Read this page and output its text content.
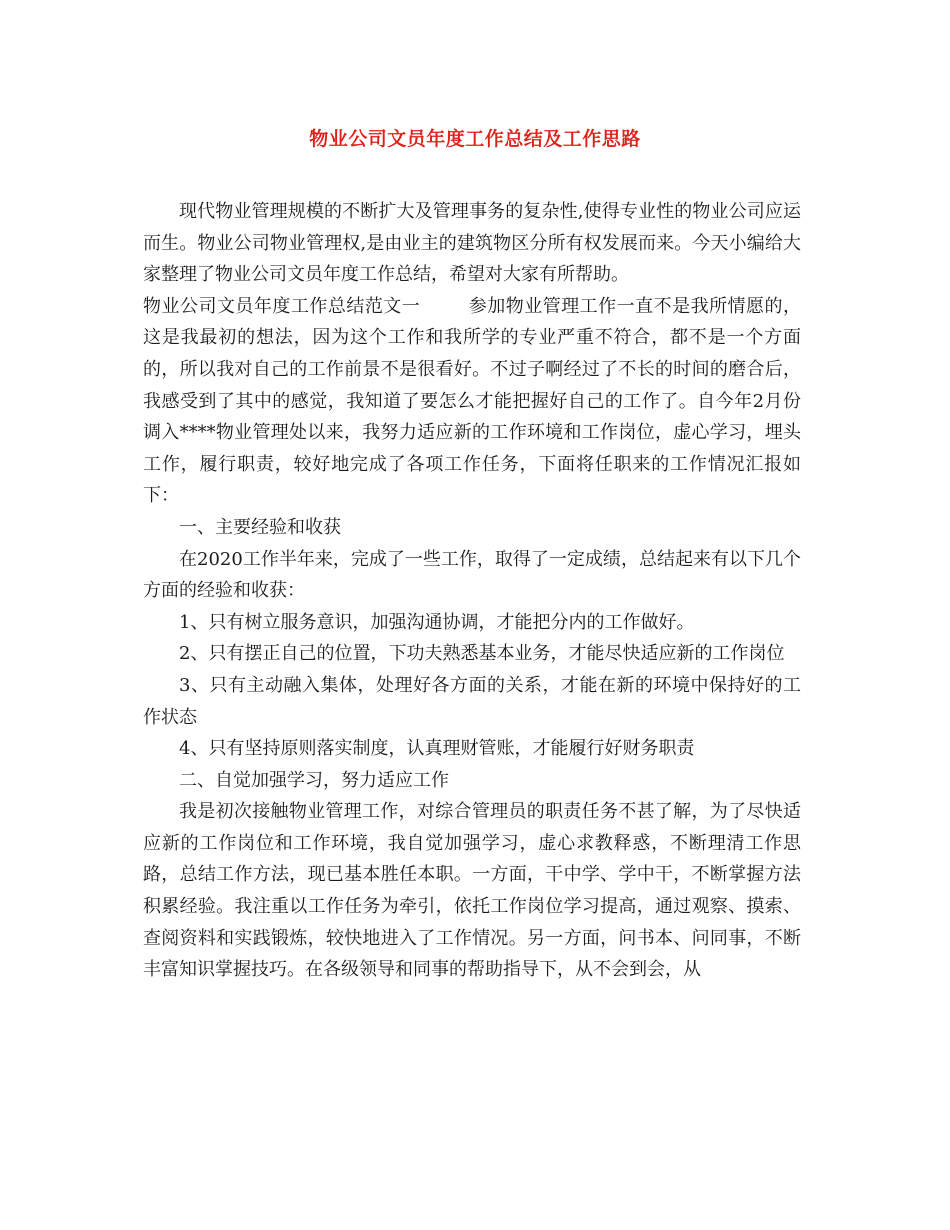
物业公司文员年度工作总结及工作思路

现代物业管理规模的不断扩大及管理事务的复杂性,使得专业性的物业公司应运而生。物业公司物业管理权,是由业主的建筑物区分所有权发展而来。今天小编给大家整理了物业公司文员年度工作总结，希望对大家有所帮助。

物业公司文员年度工作总结范文一	参加物业管理工作一直不是我所情愿的，这是我最初的想法，因为这个工作和我所学的专业严重不符合，都不是一个方面的，所以我对自己的工作前景不是很看好。不过子啊经过了不长的时间的磨合后，我感受到了其中的感觉，我知道了要怎么才能把握好自己的工作了。自今年2月份调入****物业管理处以来，我努力适应新的工作环境和工作岗位，虚心学习，埋头工作，履行职责，较好地完成了各项工作任务，下面将任职来的工作情况汇报如下：

一、主要经验和收获

在2020工作半年来，完成了一些工作，取得了一定成绩，总结起来有以下几个方面的经验和收获：

1、只有树立服务意识，加强沟通协调，才能把分内的工作做好。

2、只有摆正自己的位置，下功夫熟悉基本业务，才能尽快适应新的工作岗位

3、只有主动融入集体，处理好各方面的关系，才能在新的环境中保持好的工作状态

4、只有坚持原则落实制度，认真理财管账，才能履行好财务职责

二、自觉加强学习，努力适应工作

我是初次接触物业管理工作，对综合管理员的职责任务不甚了解，为了尽快适应新的工作岗位和工作环境，我自觉加强学习，虚心求教释惑，不断理清工作思路，总结工作方法，现已基本胜任本职。一方面，干中学、学中干，不断掌握方法积累经验。我注重以工作任务为牵引，依托工作岗位学习提高，通过观察、摸索、查阅资料和实践锻炼，较快地进入了工作情况。另一方面，问书本、问同事，不断丰富知识掌握技巧。在各级领导和同事的帮助指导下，从不会到会，从
